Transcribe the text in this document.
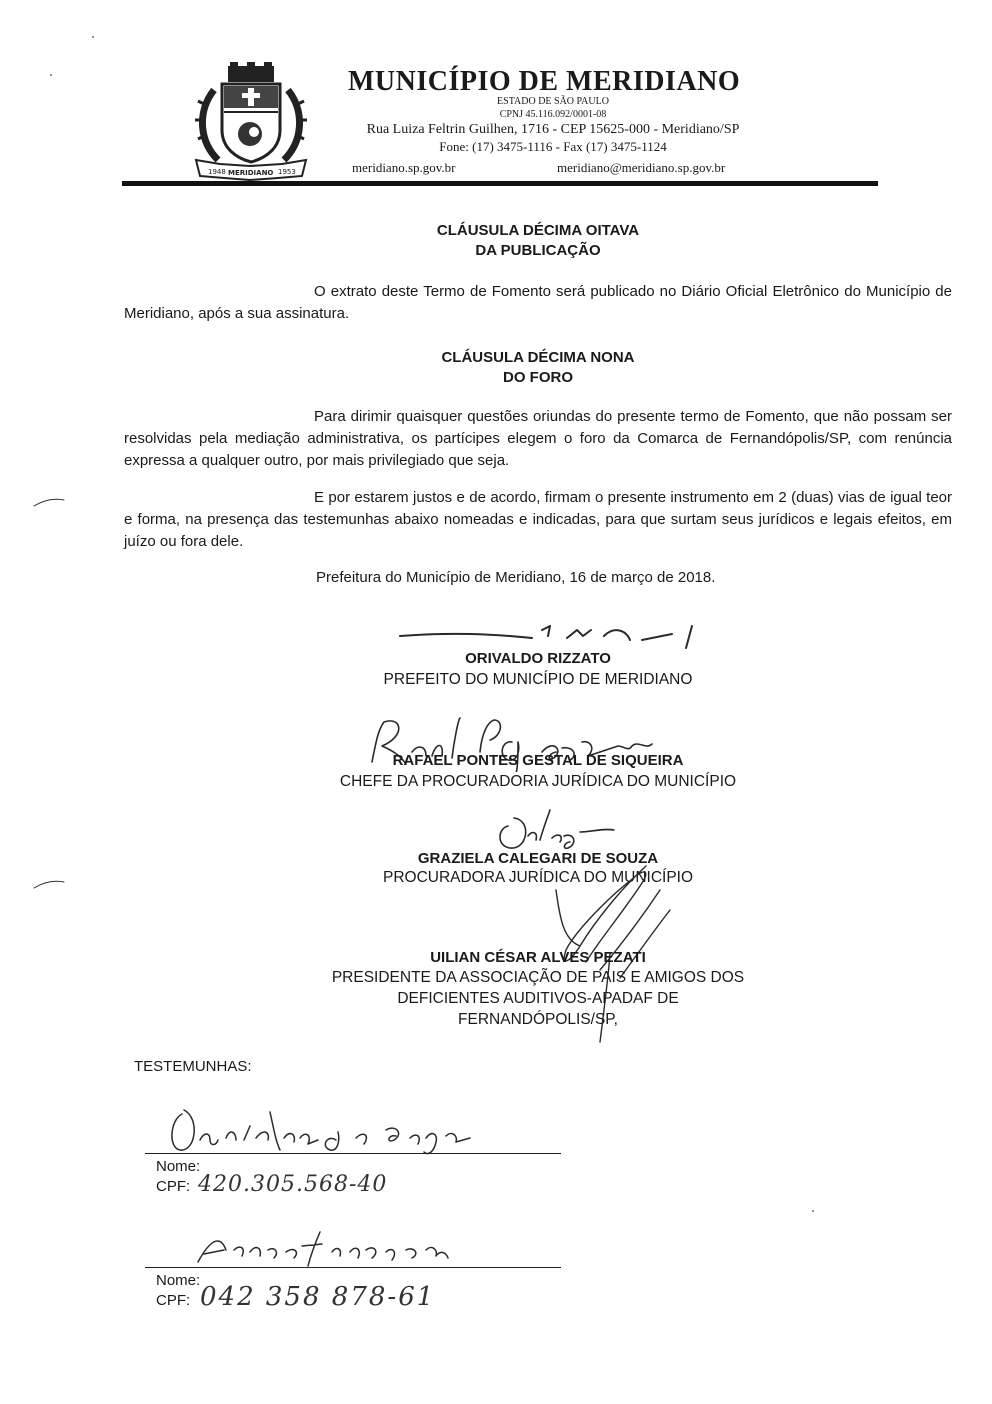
1948 MERIDIANO 1953
MUNICÍPIO DE MERIDIANO
ESTADO DE SÃO PAULO
CPNJ 45.116.092/0001-08
Rua Luiza Feltrin Guilhen, 1716 - CEP 15625-000 - Meridiano/SP
Fone: (17) 3475-1116 - Fax (17) 3475-1124
meridiano.sp.gov.br	meridiano@meridiano.sp.gov.br
CLÁUSULA DÉCIMA OITAVA
DA PUBLICAÇÃO
O extrato deste Termo de Fomento será publicado no Diário Oficial Eletrônico do Município de Meridiano, após a sua assinatura.
CLÁUSULA DÉCIMA NONA
DO FORO
Para dirimir quaisquer questões oriundas do presente termo de Fomento, que não possam ser resolvidas pela mediação administrativa, os partícipes elegem o foro da Comarca de Fernandópolis/SP, com renúncia expressa a qualquer outro, por mais privilegiado que seja.
E por estarem justos e de acordo, firmam o presente instrumento em 2 (duas) vias de igual teor e forma, na presença das testemunhas abaixo nomeadas e indicadas, para que surtam seus jurídicos e legais efeitos, em juízo ou fora dele.
Prefeitura do Município de Meridiano, 16 de março de 2018.
ORIVALDO RIZZATO
PREFEITO DO MUNICÍPIO DE MERIDIANO
RAFAEL PONTES GESTAL DE SIQUEIRA
CHEFE DA PROCURADORIA JURÍDICA DO MUNICÍPIO
GRAZIELA CALEGARI DE SOUZA
PROCURADORA JURÍDICA DO MUNICÍPIO
UILIAN CÉSAR ALVES PEZATI
PRESIDENTE DA ASSOCIAÇÃO DE PAIS E AMIGOS DOS
DEFICIENTES AUDITIVOS-APADAF DE
FERNANDÓPOLIS/SP,
TESTEMUNHAS:
Nome:
CPF: 420.305.568-40
Nome:
CPF: 042 358 878-61
